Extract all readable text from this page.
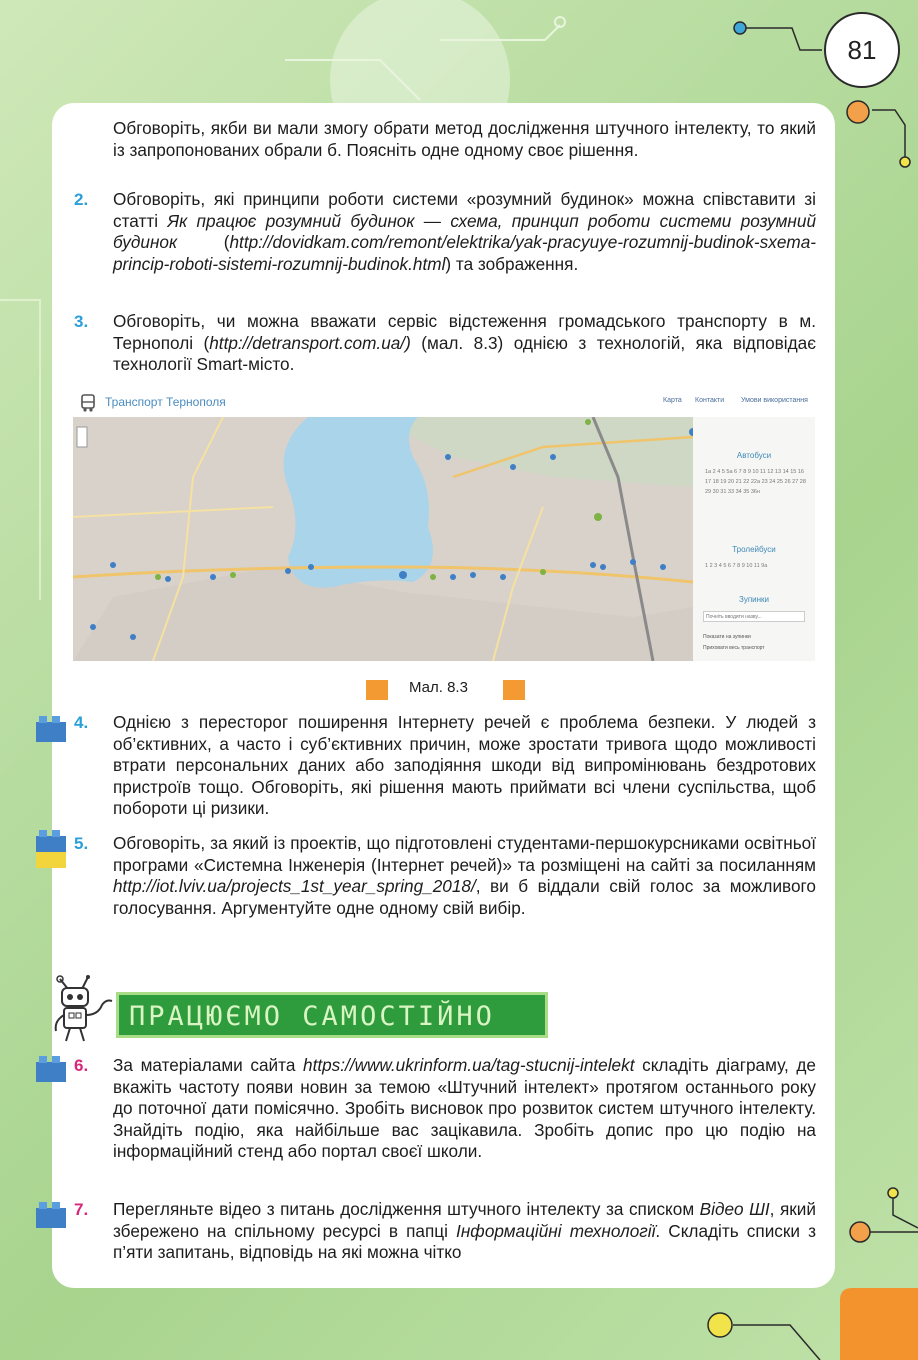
81

Обговоріть, якби ви мали змогу обрати метод дослідження штучного інтелекту, то який із запропонованих обрали б. Поясніть одне одному своє рішення.

2. Обговоріть, які принципи роботи системи «розумний будинок» можна співставити зі статті Як працює розумний будинок — схема, принцип роботи системи розумний будинок (http://dovidkam.com/remont/elektrika/yak-pracyuye-rozumnij-budinok-sxema-princip-roboti-sistemi-rozumnij-budinok.html) та зображення.

3. Обговоріть, чи можна вважати сервіс відстеження громадського транспорту в м. Тернополі (http://detransport.com.ua/) (мал. 8.3) однією з технологій, яка відповідає технології Smart-місто.

Транспорт Тернополя	Карта Контакти Умови використання
Автобуси
1а 2 4 5 5а 6 7 8 9 10 11 12 13 14 15 16 17 18 19 20 21 22 22а 23 24 25 26 27 28 29 30 31 33 34 35 36н
Тролейбуси
1 2 3 4 5 6 7 8 9 10 11 9а
Зупинки
Почніть вводити назву...
Показати на зупинки
Приховати весь транспорт
Мал. 8.3
4. Однією з пересторог поширення Інтернету речей є проблема безпеки. У людей з об’єктивних, а часто і суб’єктивних причин, може зростати тривога щодо можливості втрати персональних даних або заподіяння шкоди від випромінювань бездротових пристроїв тощо. Обговоріть, які рішення мають приймати всі члени суспільства, щоб побороти ці ризики.

5. Обговоріть, за який із проектів, що підготовлені студентами-першокурсниками освітньої програми «Системна Інженерія (Інтернет речей)» та розміщені на сайті за посиланням http://iot.lviv.ua/projects_1st_year_spring_2018/, ви б віддали свій голос за можливого голосування. Аргументуйте одне одному свій вибір.

ПРАЦЮЄМО САМОСТІЙНО
6. За матеріалами сайта https://www.ukrinform.ua/tag-stucnij-intelekt складіть діаграму, де вкажіть частоту появи новин за темою «Штучний інтелект» протягом останнього року до поточної дати помісячно. Зробіть висновок про розвиток систем штучного інтелекту. Знайдіть подію, яка найбільше вас зацікавила. Зробіть допис про цю подію на інформаційний стенд або портал своєї школи.

7. Перегляньте відео з питань дослідження штучного інтелекту за списком Відео ШІ, який збережено на спільному ресурсі в папці Інформаційні технології. Складіть списки з п’яти запитань, відповідь на які можна чітко
